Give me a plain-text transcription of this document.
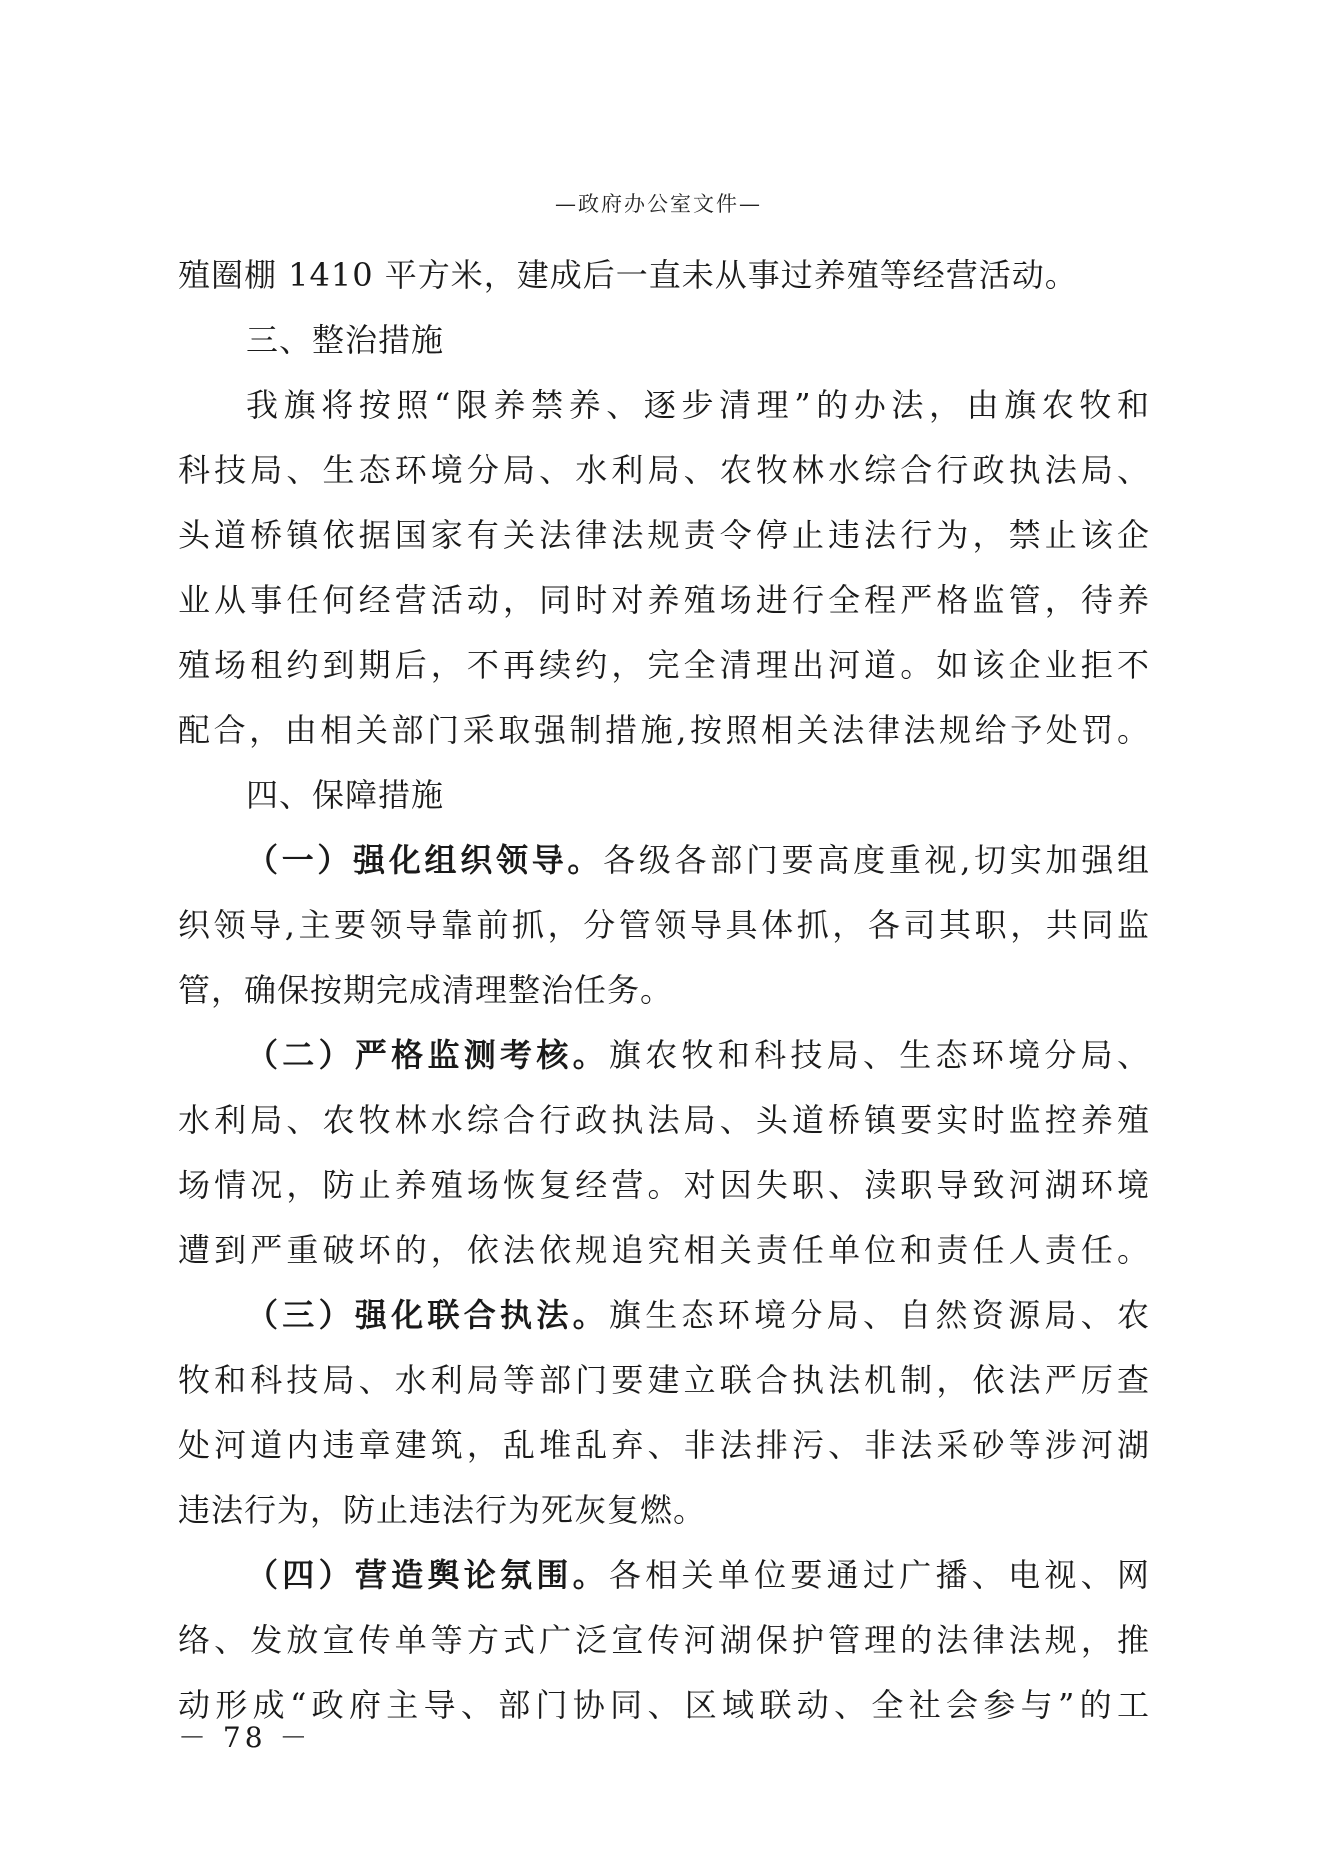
—政府办公室文件—
殖圈棚 1410 平方米，建成后一直未从事过养殖等经营活动。
三、整治措施
我旗将按照“限养禁养、逐步清理”的办法，由旗农牧和
科技局、生态环境分局、水利局、农牧林水综合行政执法局、
头道桥镇依据国家有关法律法规责令停止违法行为，禁止该企
业从事任何经营活动，同时对养殖场进行全程严格监管，待养
殖场租约到期后，不再续约，完全清理出河道。如该企业拒不
配合，由相关部门采取强制措施,按照相关法律法规给予处罚。
四、保障措施
（一）强化组织领导。各级各部门要高度重视,切实加强组
织领导,主要领导靠前抓，分管领导具体抓，各司其职，共同监
管，确保按期完成清理整治任务。
（二）严格监测考核。旗农牧和科技局、生态环境分局、
水利局、农牧林水综合行政执法局、头道桥镇要实时监控养殖
场情况，防止养殖场恢复经营。对因失职、渎职导致河湖环境
遭到严重破坏的，依法依规追究相关责任单位和责任人责任。
（三）强化联合执法。旗生态环境分局、自然资源局、农
牧和科技局、水利局等部门要建立联合执法机制，依法严厉查
处河道内违章建筑，乱堆乱弃、非法排污、非法采砂等涉河湖
违法行为，防止违法行为死灰复燃。
（四）营造舆论氛围。各相关单位要通过广播、电视、网
络、发放宣传单等方式广泛宣传河湖保护管理的法律法规，推
动形成“政府主导、部门协同、区域联动、全社会参与”的工
－ 78 －
